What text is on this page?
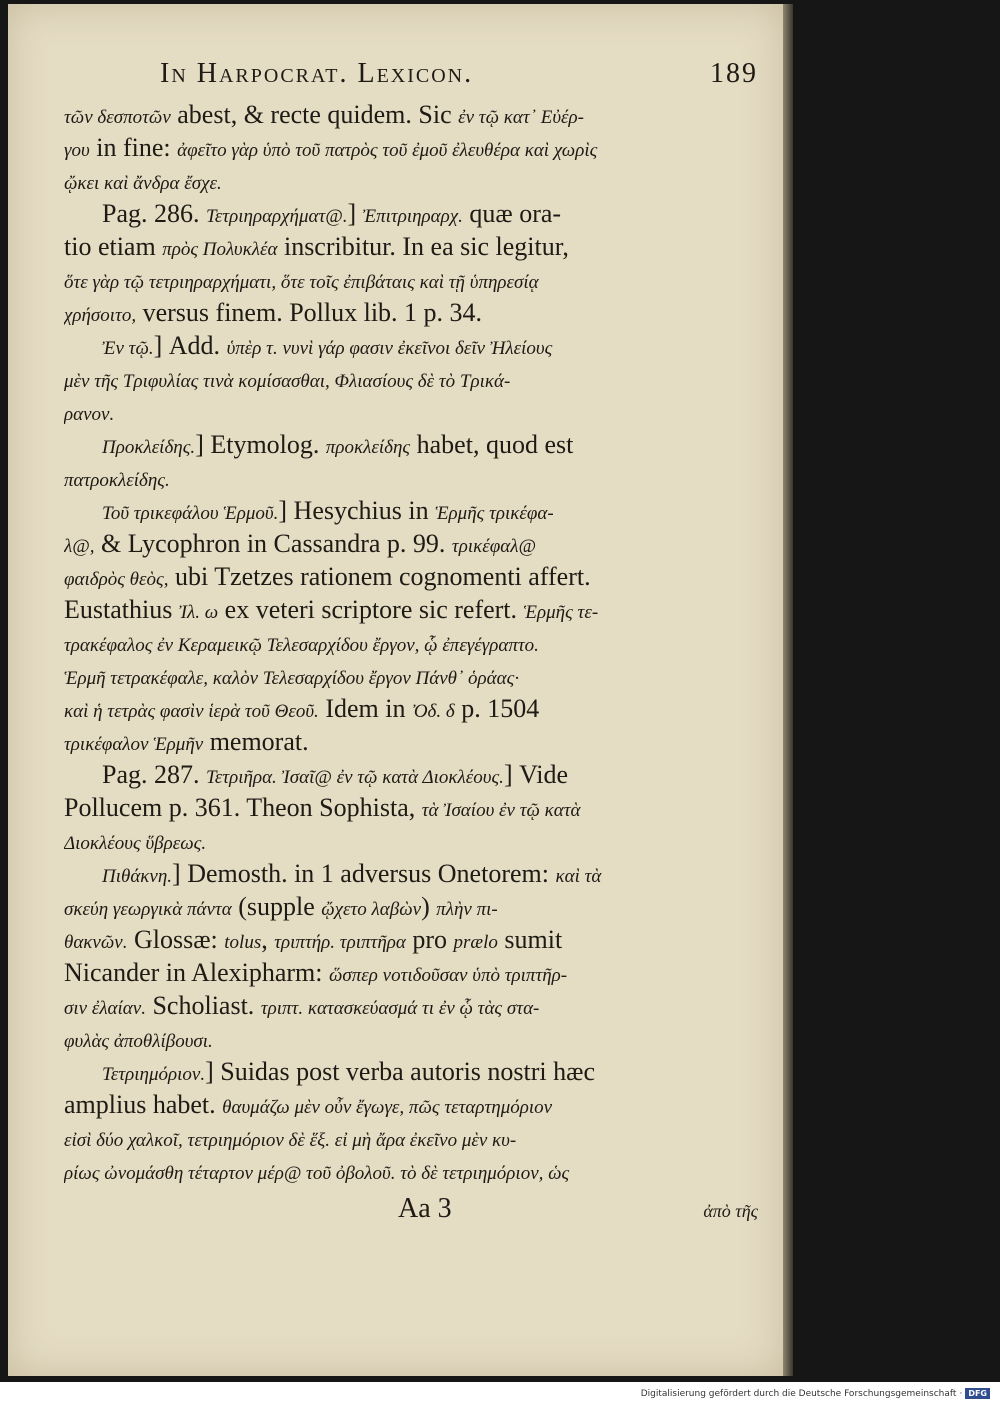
In Harpocrat. Lexicon.	189
τῶν δεσποτῶν abest, & recte quidem. Sic ἐν τῷ κατ᾽ Εὐέρ-
γου in fine: ἀφεῖτο γὰρ ὑπὸ τοῦ πατρὸς τοῦ ἐμοῦ ἐλευθέρα καὶ χωρὶς
ᾤκει καὶ ἄνδρα ἔσχε.
Pag. 286. Τετριηραρχήματ@.] Ἐπιτριηραρχ. quæ ora-
tio etiam πρὸς Πολυκλέα inscribitur. In ea sic legitur,
ὅτε γὰρ τῷ τετριηραρχήματι, ὅτε τοῖς ἐπιβάταις καὶ τῇ ὑπηρεσίᾳ
χρήσοιτο, versus finem. Pollux lib. 1 p. 34.
Ἐν τῷ.] Add. ὑπὲρ τ. νυνὶ γάρ φασιν ἐκεῖνοι δεῖν Ἠλείους
μὲν τῆς Τριφυλίας τινὰ κομίσασθαι, Φλιασίους δὲ τὸ Τρικά-
ρανον.
Προκλείδης.] Etymolog. προκλείδης habet, quod est
πατροκλείδης.
Τοῦ τρικεφάλου Ἑρμοῦ.] Hesychius in Ἑρμῆς τρικέφα-
λ@, & Lycophron in Cassandra p. 99. τρικέφαλ@
φαιδρὸς θεὸς, ubi Tzetzes rationem cognomenti affert.
Eustathius Ἰλ. ω ex veteri scriptore sic refert. Ἑρμῆς τε-
τρακέφαλος ἐν Κεραμεικῷ Τελεσαρχίδου ἔργον, ᾧ ἐπεγέγραπτο.
Ἑρμῆ τετρακέφαλε, καλὸν Τελεσαρχίδου ἔργον Πάνθ᾽ ὁράας·
καὶ ἡ τετρὰς φασὶν ἱερὰ τοῦ Θεοῦ. Idem in Ὀδ. δ p. 1504
τρικέφαλον Ἑρμῆν memorat.
Pag. 287. Τετριῆρα. Ἰσαῖ@ ἐν τῷ κατὰ Διοκλέους.] Vide
Pollucem p. 361. Theon Sophista, τὰ Ἰσαίου ἐν τῷ κατὰ
Διοκλέους ὕβρεως.
Πιθάκνη.] Demosth. in 1 adversus Onetorem: καὶ τὰ
σκεύη γεωργικὰ πάντα (supple ᾤχετο λαβὼν) πλὴν πι-
θακνῶν. Glossæ: tolus, τριπτήρ. τριπτῆρα pro prælo sumit
Nicander in Alexipharm: ὥσπερ νοτιδοῦσαν ὑπὸ τριπτῆρ-
σιν ἐλαίαν. Scholiast. τριπτ. κατασκεύασμά τι ἐν ᾧ τὰς στα-
φυλὰς ἀποθλίβουσι.
Τετριημόριον.] Suidas post verba autoris nostri hæc
amplius habet. θαυμάζω μὲν οὖν ἔγωγε, πῶς τεταρτημόριον
εἰσὶ δύο χαλκοῖ, τετριημόριον δὲ ἕξ. εἰ μὴ ἄρα ἐκεῖνο μὲν κυ-
ρίως ὠνομάσθη τέταρτον μέρ@ τοῦ ὀβολοῦ. τὸ δὲ τετριημόριον, ὡς
Aa 3	ἀπὸ τῆς
Digitalisierung gefördert durch die Deutsche Forschungsgemeinschaft · DFG
